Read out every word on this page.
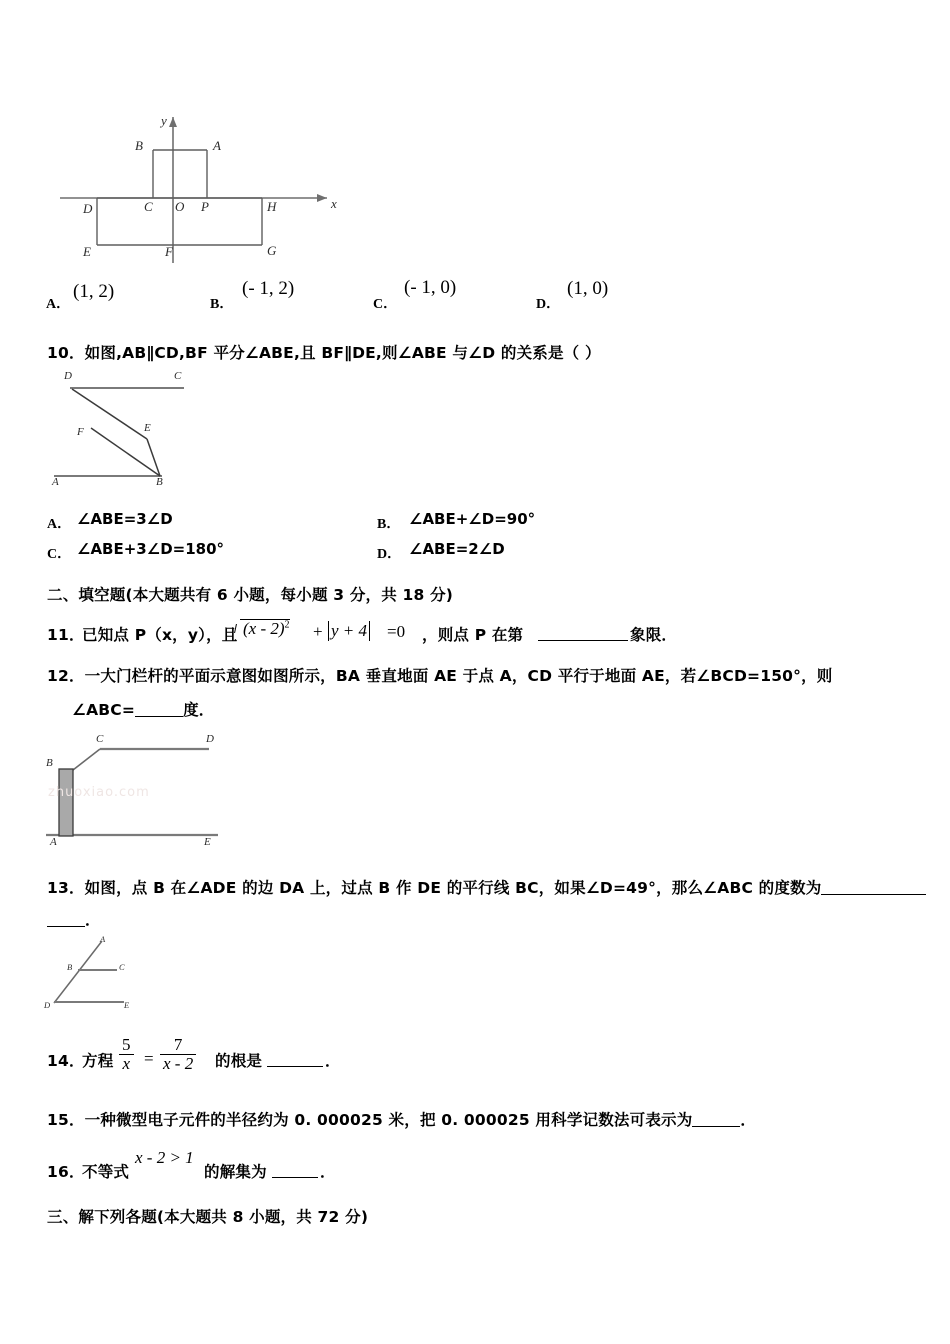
y
x
A
B
C
D
E	F	G
H
O P
A．
(1, 2)
B．
(- 1, 2)
C．
(- 1, 0)
D．
(1, 0)
10．如图,AB∥CD,BF 平分∠ABE,且 BF∥DE,则∠ABE 与∠D 的关系是（ ）
D	C
F	E
A	B
A． ∠ABE=3∠D	B． ∠ABE+∠D=90°
C． ∠ABE+3∠D=180°	D． ∠ABE=2∠D
二、填空题(本大题共有 6 小题，每小题 3 分，共 18 分)
11．
已知点 P（x，y），且 (x - 2)$^2$ + y + 4 =0 ，则点 P 在第	象限．
12．一大门栏杆的平面示意图如图所示，BA 垂直地面 AE 于点 A，CD 平行于地面 AE，若∠BCD=150°，则
∠ABC=	度．
C	D
B
A	E
zhuoxiao.com
13．如图，点 B 在∠ADE 的边 DA 上，过点 B 作 DE 的平行线 BC，如果∠D=49°，那么∠ABC 的度数为
．
A
B	C
D	E
14．
方程 $\frac{5}{x} = \frac{7}{x - 2}$ 的根是	．
15．一种微型电子元件的半径约为 0. 000025 米，把 0. 000025 用科学记数法可表示为	．
16．
不等式
x - 2 > 1
的解集为	．
三、解下列各题(本大题共 8 小题，共 72 分)
